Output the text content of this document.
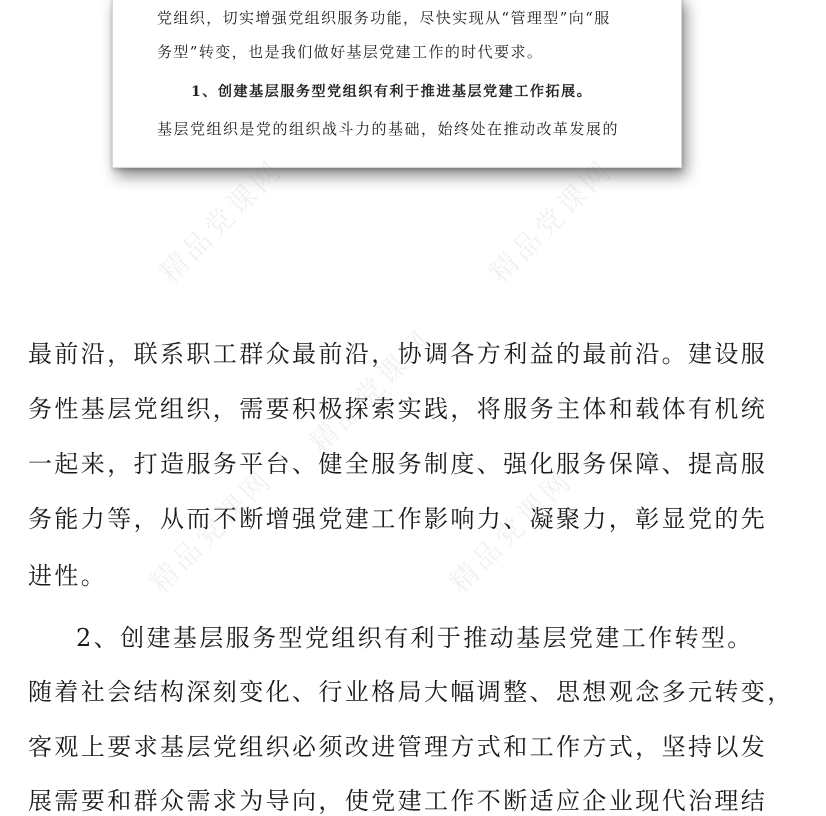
党组织，切实增强党组织服务功能，尽快实现从“管理型”向“服
务型”转变，也是我们做好基层党建工作的时代要求。
1、创建基层服务型党组织有利于推进基层党建工作拓展。
基层党组织是党的组织战斗力的基础，始终处在推动改革发展的
精品党课网	精品党课网
精品党课网
精品党课网
精品党课网
最前沿，联系职工群众最前沿，协调各方利益的最前沿。建设服
务性基层党组织，需要积极探索实践，将服务主体和载体有机统
一起来，打造服务平台、健全服务制度、强化服务保障、提高服
务能力等，从而不断增强党建工作影响力、凝聚力，彰显党的先
进性。
2、创建基层服务型党组织有利于推动基层党建工作转型。
随着社会结构深刻变化、行业格局大幅调整、思想观念多元转变，
客观上要求基层党组织必须改进管理方式和工作方式，坚持以发
展需要和群众需求为导向，使党建工作不断适应企业现代治理结
